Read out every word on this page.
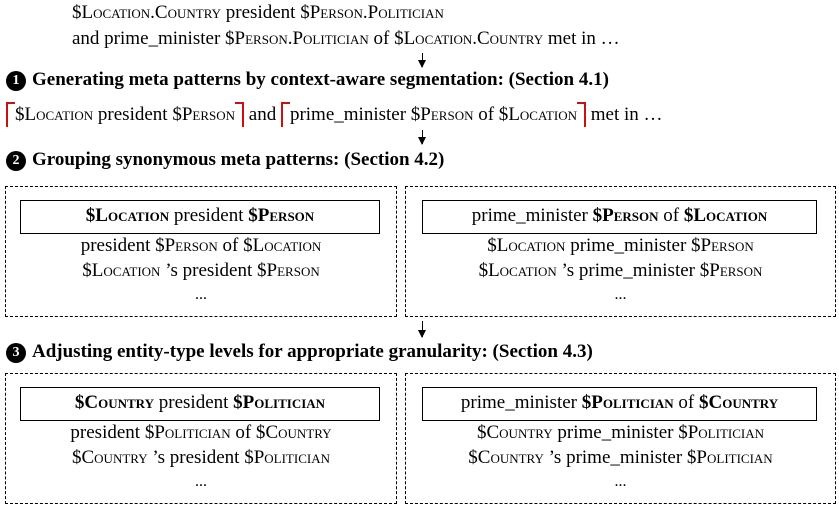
$Location.Country president $Person.Politician
and prime_minister $Person.Politician of $Location.Country met in …
1 Generating meta patterns by context-aware segmentation: (Section 4.1)
$Location president $Person
and
prime_minister $Person of $Location
met in …
2 Grouping synonymous meta patterns: (Section 4.2)
$Location president $Person
president $Person of $Location
$Location ’s president $Person
...
prime_minister $Person of $Location
$Location prime_minister $Person
$Location ’s prime_minister $Person
...
3 Adjusting entity-type levels for appropriate granularity: (Section 4.3)
$Country president $Politician
president $Politician of $Country
$Country ’s president $Politician
...
prime_minister $Politician of $Country
$Country prime_minister $Politician
$Country ’s prime_minister $Politician
...
